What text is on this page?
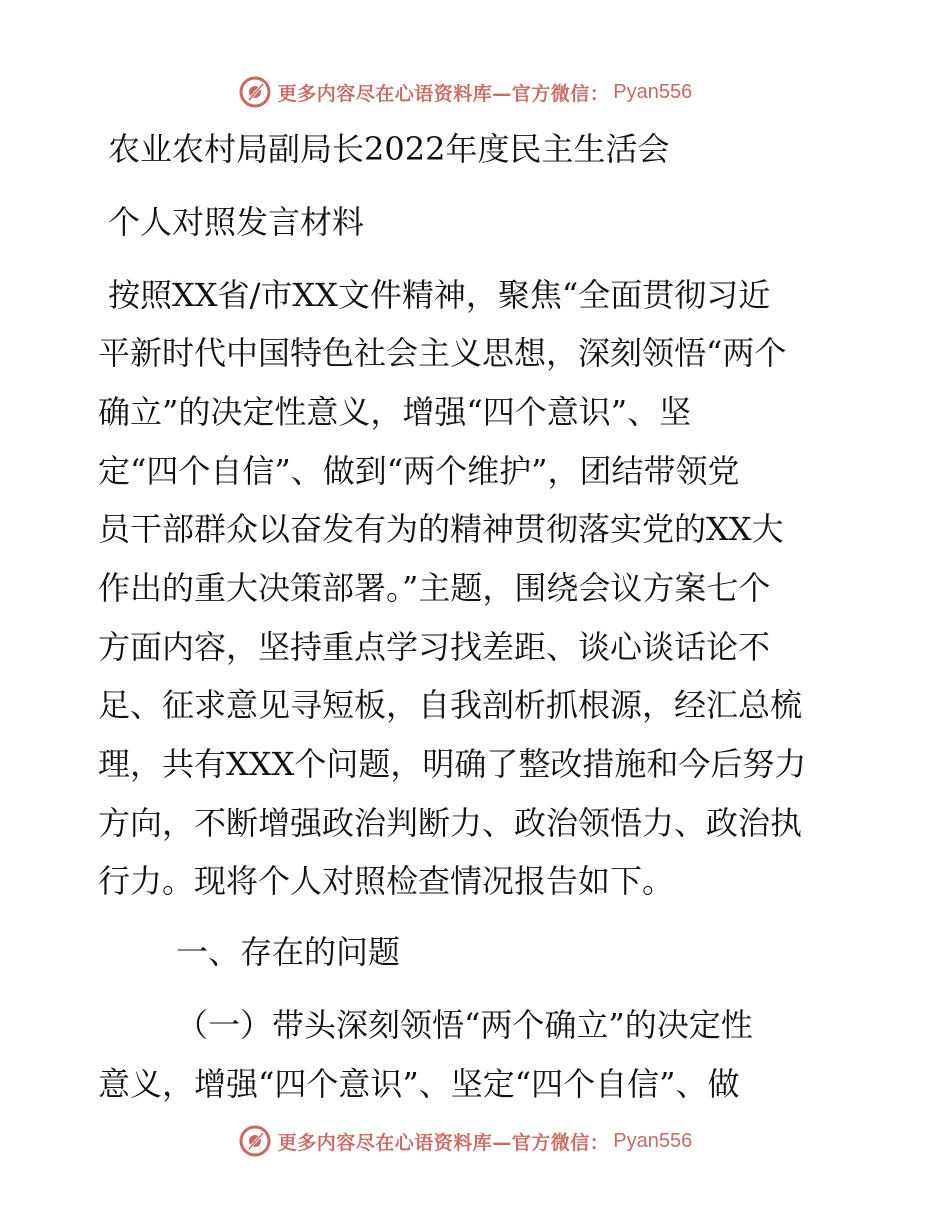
更多内容尽在心语资料库—官方微信： Pyan556
农业农村局副局长2022年度民主生活会
个人对照发言材料
按照XX省/市XX文件精神，聚焦“全面贯彻习近
平新时代中国特色社会主义思想，深刻领悟“两个
确立”的决定性意义，增强“四个意识”、坚
定“四个自信”、做到“两个维护”，团结带领党
员干部群众以奋发有为的精神贯彻落实党的XX大
作出的重大决策部署。”主题，围绕会议方案七个
方面内容，坚持重点学习找差距、谈心谈话论不
足、征求意见寻短板，自我剖析抓根源，经汇总梳
理，共有XXX个问题，明确了整改措施和今后努力
方向，不断增强政治判断力、政治领悟力、政治执
行力。现将个人对照检查情况报告如下。
一、存在的问题
（一）带头深刻领悟“两个确立”的决定性
意义，增强“四个意识”、坚定“四个自信”、做
更多内容尽在心语资料库—官方微信： Pyan556
